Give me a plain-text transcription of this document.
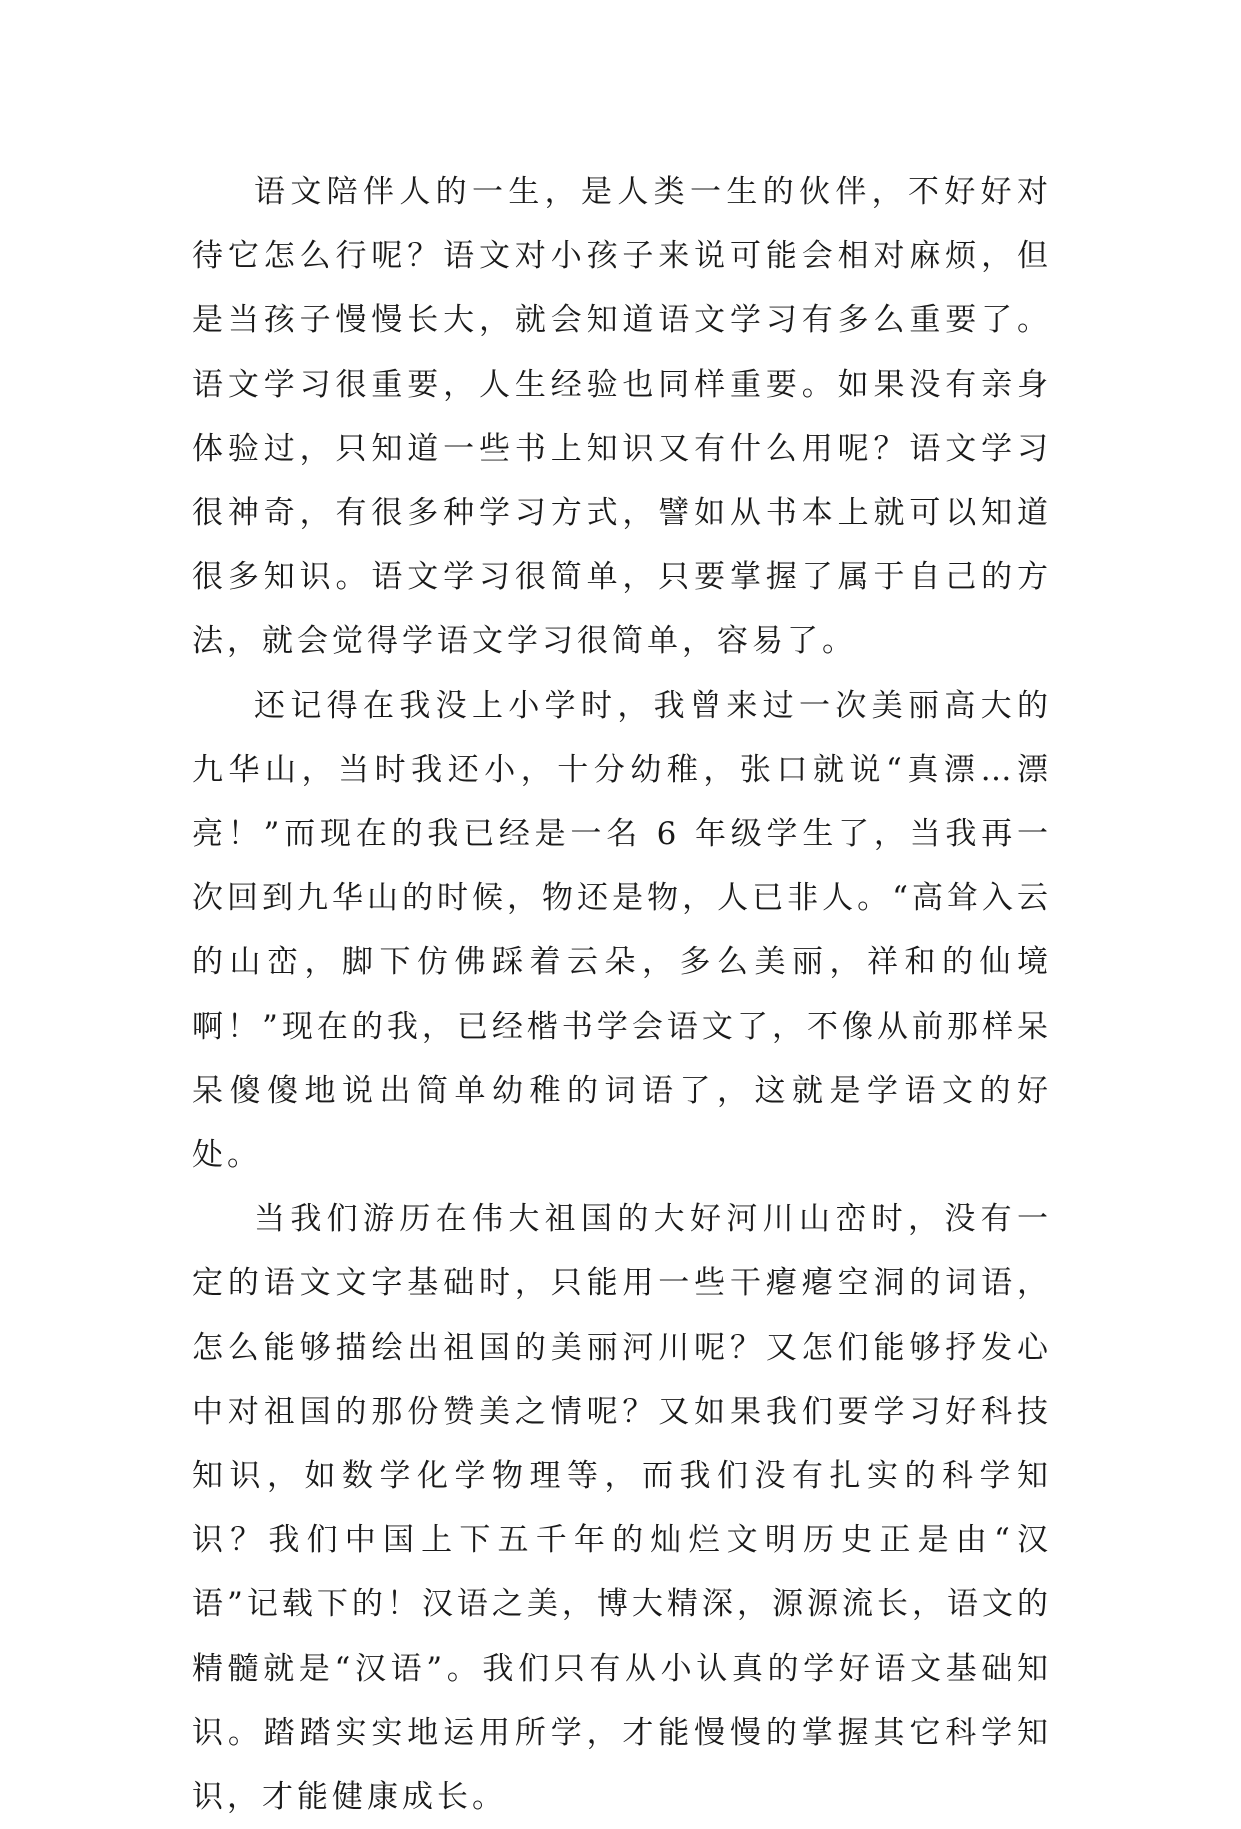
语文陪伴人的一生，是人类一生的伙伴，不好好对待它怎么行呢？语文对小孩子来说可能会相对麻烦，但是当孩子慢慢长大，就会知道语文学习有多么重要了。语文学习很重要，人生经验也同样重要。如果没有亲身体验过，只知道一些书上知识又有什么用呢？语文学习很神奇，有很多种学习方式，譬如从书本上就可以知道很多知识。语文学习很简单，只要掌握了属于自己的方法，就会觉得学语文学习很简单，容易了。

还记得在我没上小学时，我曾来过一次美丽高大的九华山，当时我还小，十分幼稚，张口就说“真漂…漂亮！”而现在的我已经是一名 6 年级学生了，当我再一次回到九华山的时候，物还是物，人已非人。“高耸入云的山峦，脚下仿佛踩着云朵，多么美丽，祥和的仙境啊！”现在的我，已经楷书学会语文了，不像从前那样呆呆傻傻地说出简单幼稚的词语了，这就是学语文的好处。

当我们游历在伟大祖国的大好河川山峦时，没有一定的语文文字基础时，只能用一些干瘪瘪空洞的词语，怎么能够描绘出祖国的美丽河川呢？又怎们能够抒发心中对祖国的那份赞美之情呢？又如果我们要学习好科技知识，如数学化学物理等，而我们没有扎实的科学知识？我们中国上下五千年的灿烂文明历史正是由“汉语”记载下的！汉语之美，博大精深，源源流长，语文的精髓就是“汉语”。我们只有从小认真的学好语文基础知识。踏踏实实地运用所学，才能慢慢的掌握其它科学知识，才能健康成长。
